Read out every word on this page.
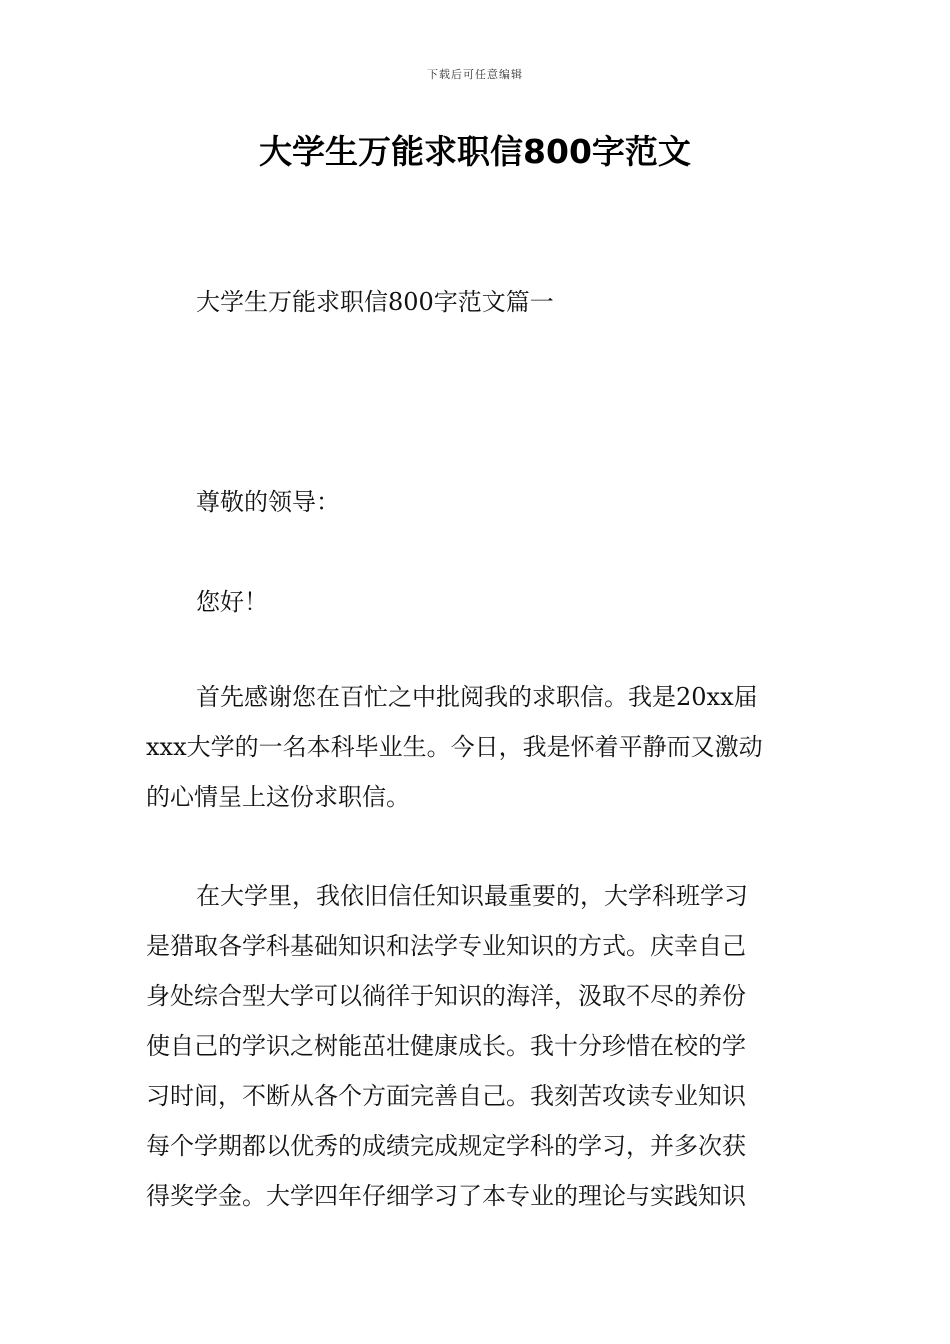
下载后可任意编辑
大学生万能求职信800字范文
大学生万能求职信800字范文篇一
尊敬的领导：
您好！
首先感谢您在百忙之中批阅我的求职信。我是20xx届
xxx大学的一名本科毕业生。今日，我是怀着平静而又激动
的心情呈上这份求职信。
在大学里，我依旧信任知识最重要的，大学科班学习
是猎取各学科基础知识和法学专业知识的方式。庆幸自己
身处综合型大学可以徜徉于知识的海洋，汲取不尽的养份
使自己的学识之树能茁壮健康成长。我十分珍惜在校的学
习时间，不断从各个方面完善自己。我刻苦攻读专业知识
每个学期都以优秀的成绩完成规定学科的学习，并多次获
得奖学金。大学四年仔细学习了本专业的理论与实践知识
